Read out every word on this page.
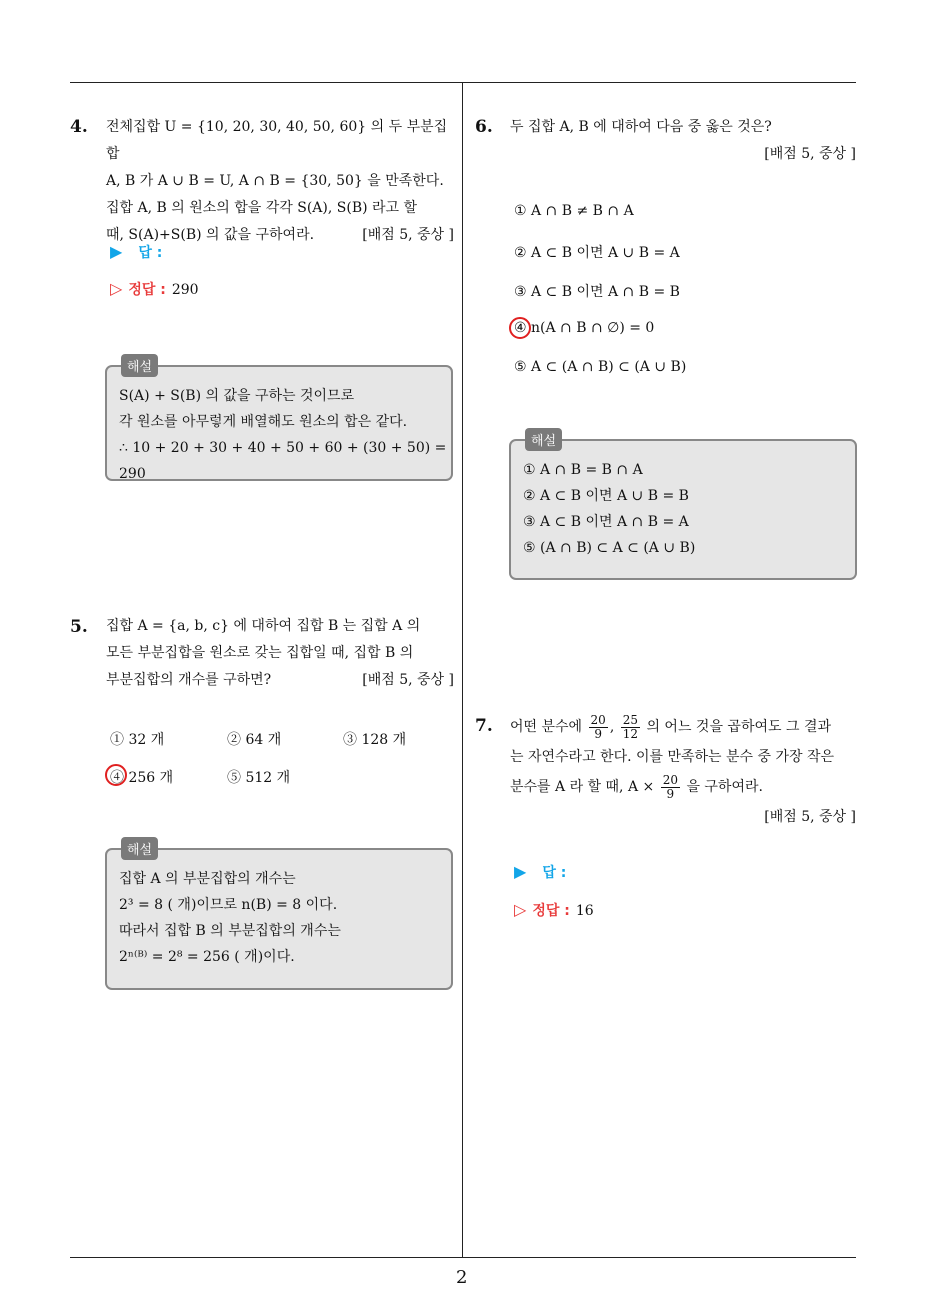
4. 전체집합 U = {10, 20, 30, 40, 50, 60} 의 두 부분집합
A, B 가 A ∪ B = U, A ∩ B = {30, 50} 을 만족한다.
집합 A, B 의 원소의 합을 각각 S(A), S(B) 라고 할
때, S(A)+S(B) 의 값을 구하여라.	[배점 5, 중상 ]
▶ 답 :
▷ 정답 : 290
해설
S(A) + S(B) 의 값을 구하는 것이므로
각 원소를 아무렇게 배열해도 원소의 합은 같다.
∴ 10 + 20 + 30 + 40 + 50 + 60 + (30 + 50) = 290
5. 집합 A = {a, b, c} 에 대하여 집합 B 는 집합 A 의
모든 부분집합을 원소로 갖는 집합일 때, 집합 B 의
부분집합의 개수를 구하면?	[배점 5, 중상 ]
① 32 개	② 64 개	③ 128 개
④ 256 개	⑤ 512 개
해설
집합 A 의 부분집합의 개수는
2³ = 8 ( 개)이므로 n(B) = 8 이다.
따라서 집합 B 의 부분집합의 개수는
2ⁿ⁽ᴮ⁾ = 2⁸ = 256 ( 개)이다.
6. 두 집합 A, B 에 대하여 다음 중 옳은 것은?
[배점 5, 중상 ]
① A ∩ B ≠ B ∩ A
② A ⊂ B 이면 A ∪ B = A
③ A ⊂ B 이면 A ∩ B = B
④ n(A ∩ B ∩ ∅) = 0
⑤ A ⊂ (A ∩ B) ⊂ (A ∪ B)
해설
① A ∩ B = B ∩ A
② A ⊂ B 이면 A ∪ B = B
③ A ⊂ B 이면 A ∩ B = A
⑤ (A ∩ B) ⊂ A ⊂ (A ∪ B)
7. 어떤 분수에 $\frac{20}{9}$ , $\frac{25}{12}$ 의 어느 것을 곱하여도 그 결과
는 자연수라고 한다. 이를 만족하는 분수 중 가장 작은
분수를 A 라 할 때, $A \times \frac{20}{9}$ 을 구하여라.
[배점 5, 중상 ]
▶ 답 :
▷ 정답 : 16
2
